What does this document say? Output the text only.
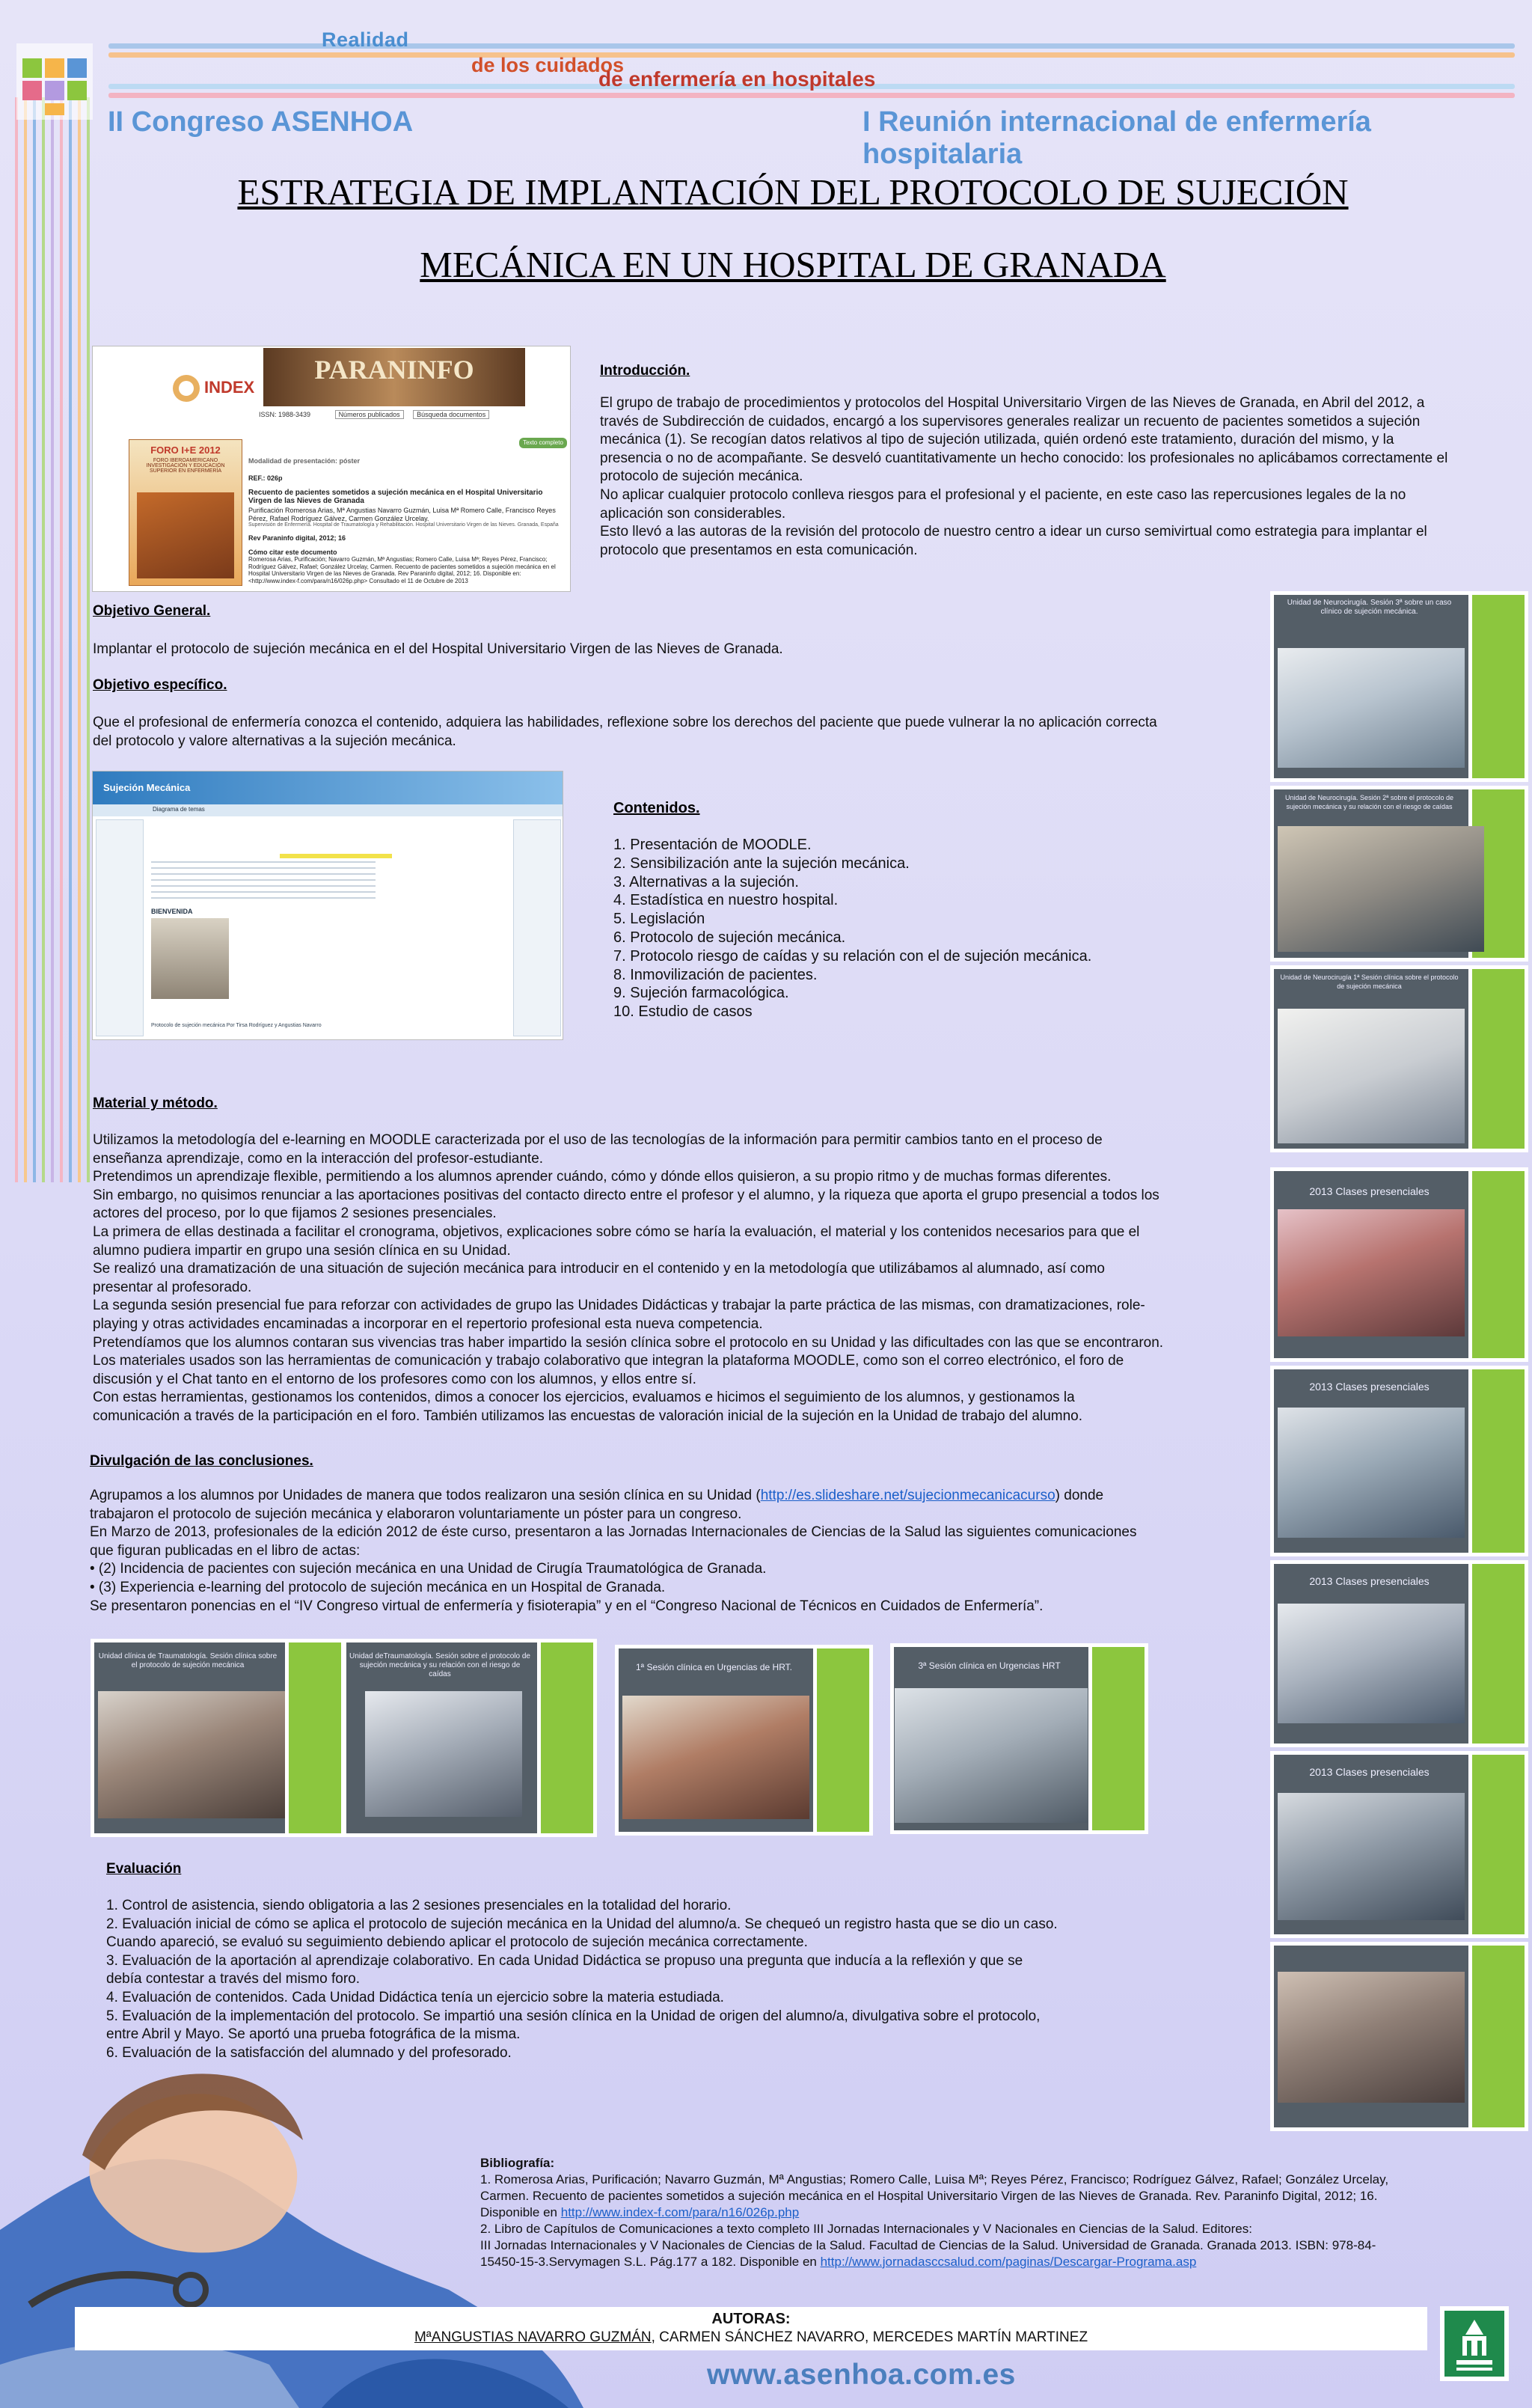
Realidad
de los cuidados
de enfermería en hospitales
II Congreso ASENHOA	I Reunión internacional de enfermería hospitalaria
ESTRATEGIA DE IMPLANTACIÓN DEL PROTOCOLO DE SUJECIÓN
MECÁNICA EN UN HOSPITAL DE GRANADA
PARANINFO
INDEX
ISSN: 1988-3439	Números publicados	Búsqueda documentos
Texto completo
FORO I+E 2012
FORO IBEROAMERICANO INVESTIGACIÓN Y EDUCACIÓN SUPERIOR EN ENFERMERÍA
Modalidad de presentación: póster
REF.: 026p
Recuento de pacientes sometidos a sujeción mecánica en el Hospital Universitario Virgen de las Nieves de Granada
Purificación Romerosa Arias, Mª Angustias Navarro Guzmán, Luisa Mª Romero Calle, Francisco Reyes Pérez, Rafael Rodríguez Gálvez, Carmen González Urcelay.
Supervisión de Enfermería. Hospital de Traumatología y Rehabilitación. Hospital Universitario Virgen de las Nieves. Granada, España
Rev Paraninfo digital, 2012; 16
Cómo citar este documento
Romerosa Arias, Purificación; Navarro Guzmán, Mª Angustias; Romero Calle, Luisa Mª; Reyes Pérez, Francisco; Rodríguez Gálvez, Rafael; González Urcelay, Carmen. Recuento de pacientes sometidos a sujeción mecánica en el Hospital Universitario Virgen de las Nieves de Granada. Rev Paraninfo digital, 2012; 16. Disponible en: <http://www.index-f.com/para/n16/026p.php> Consultado el 11 de Octubre de 2013
Introducción.

El grupo de trabajo de procedimientos y protocolos del Hospital Universitario Virgen de las Nieves de Granada, en Abril del 2012, a

través de Subdirección de cuidados, encargó a los supervisores generales realizar un recuento de pacientes sometidos a sujeción

mecánica (1). Se recogían datos relativos al tipo de sujeción utilizada, quién ordenó este tratamiento, duración del mismo, y la

presencia o no de acompañante. Se desveló cuantitativamente un hecho conocido: los profesionales no aplicábamos correctamente el

protocolo de sujeción mecánica.

No aplicar cualquier protocolo conlleva riesgos para el profesional y el paciente, en este caso las repercusiones legales de la no

aplicación son considerables.

Esto llevó a las autoras de la revisión del protocolo de nuestro centro a idear un curso semivirtual como estrategia para implantar el

protocolo que presentamos en esta comunicación.

Objetivo General.
Implantar el protocolo de sujeción mecánica en el del Hospital Universitario Virgen de las Nieves de Granada.
Objetivo específico.

Que el profesional de enfermería conozca el contenido, adquiera las habilidades, reflexione sobre los derechos del paciente que puede vulnerar la no aplicación correcta

del protocolo y valore alternativas a la sujeción mecánica.

Sujeción Mecánica
Diagrama de temas
BIENVENIDA
Protocolo de sujeción mecánica Por Tirsa Rodríguez y Angustias Navarro
Contenidos.
1. Presentación de MOODLE.
2. Sensibilización ante la sujeción mecánica.
3. Alternativas a la sujeción.
4. Estadística en nuestro hospital.
5. Legislación
6. Protocolo de sujeción mecánica.
7. Protocolo riesgo de caídas y su relación con el de sujeción mecánica.
8. Inmovilización de pacientes.
9. Sujeción farmacológica.
10. Estudio de casos
Material y método.

Utilizamos la metodología del e-learning en MOODLE caracterizada por el uso de las tecnologías de la información para permitir cambios tanto en el proceso de

enseñanza aprendizaje, como en la interacción del profesor-estudiante.

Pretendimos un aprendizaje flexible, permitiendo a los alumnos aprender cuándo, cómo y dónde ellos quisieron, a su propio ritmo y de muchas formas diferentes.

Sin embargo, no quisimos renunciar a las aportaciones positivas del contacto directo entre el profesor y el alumno, y la riqueza que aporta el grupo presencial a todos los

actores del proceso, por lo que fijamos 2 sesiones presenciales.

La primera de ellas destinada a facilitar el cronograma, objetivos, explicaciones sobre cómo se haría la evaluación, el material y los contenidos necesarios para que el

alumno pudiera impartir en grupo una sesión clínica en su Unidad.

Se realizó una dramatización de una situación de sujeción mecánica para introducir en el contenido y en la metodología que utilizábamos al alumnado, así como

presentar al profesorado.

La segunda sesión presencial fue para reforzar con actividades de grupo las Unidades Didácticas y trabajar la parte práctica de las mismas, con dramatizaciones, role-

playing y otras actividades encaminadas a incorporar en el repertorio profesional esta nueva competencia.

Pretendíamos que los alumnos contaran sus vivencias tras haber impartido la sesión clínica sobre el protocolo en su Unidad y las dificultades con las que se encontraron.

Los materiales usados son las herramientas de comunicación y trabajo colaborativo que integran la plataforma MOODLE, como son el correo electrónico, el foro de

discusión y el Chat tanto en el entorno de los profesores como con los alumnos, y ellos entre sí.

Con estas herramientas, gestionamos los contenidos, dimos a conocer los ejercicios, evaluamos e hicimos el seguimiento de los alumnos, y gestionamos la

comunicación a través de la participación en el foro. También utilizamos las encuestas de valoración inicial de la sujeción en la Unidad de trabajo del alumno.

Divulgación de las conclusiones.

Agrupamos a los alumnos por Unidades de manera que todos realizaron una sesión clínica en su Unidad (http://es.slideshare.net/sujecionmecanicacurso) donde

trabajaron el protocolo de sujeción mecánica y elaboraron voluntariamente un póster para un congreso.

En Marzo de 2013, profesionales de la edición 2012 de éste curso, presentaron a las Jornadas Internacionales de Ciencias de la Salud las siguientes comunicaciones

que figuran publicadas en el libro de actas:

• (2) Incidencia de pacientes con sujeción mecánica en una Unidad de Cirugía Traumatológica de Granada.

• (3) Experiencia e-learning del protocolo de sujeción mecánica en un Hospital de Granada.

Se presentaron ponencias en el “IV Congreso virtual de enfermería y fisioterapia” y en el “Congreso Nacional de Técnicos en Cuidados de Enfermería”.

Unidad de Neurocirugía. Sesión 3ª sobre un caso clínico de sujeción mecánica.
Unidad de Neurocirugía. Sesión 2ª sobre el protocolo de sujeción mecánica y su relación con el riesgo de caídas
Unidad de Neurocirugía 1ª Sesión clínica sobre el protocolo de sujeción mecánica
2013 Clases presenciales
2013 Clases presenciales
2013 Clases presenciales
2013 Clases presenciales
Unidad clínica de Traumatología. Sesión clínica sobre el protocolo de sujeción mecánica
Unidad deTraumatología. Sesión sobre el protocolo de sujeción mecánica y su relación con el riesgo de caídas
1ª Sesión clínica en Urgencias de HRT.	3ª Sesión clínica en Urgencias HRT
Evaluación

1. Control de asistencia, siendo obligatoria a las 2 sesiones presenciales en la totalidad del horario.

2. Evaluación inicial de cómo se aplica el protocolo de sujeción mecánica en la Unidad del alumno/a. Se chequeó un registro hasta que se dio un caso.

Cuando apareció, se evaluó su seguimiento debiendo aplicar el protocolo de sujeción mecánica correctamente.

3. Evaluación de la aportación al aprendizaje colaborativo. En cada Unidad Didáctica se propuso una pregunta que inducía a la reflexión y que se

debía contestar a través del mismo foro.

4. Evaluación de contenidos. Cada Unidad Didáctica tenía un ejercicio sobre la materia estudiada.

5. Evaluación de la implementación del protocolo. Se impartió una sesión clínica en la Unidad de origen del alumno/a, divulgativa sobre el protocolo,

entre Abril y Mayo. Se aportó una prueba fotográfica de la misma.

6. Evaluación de la satisfacción del alumnado y del profesorado.

Bibliografía:
1. Romerosa Arias, Purificación; Navarro Guzmán, Mª Angustias; Romero Calle, Luisa Mª; Reyes Pérez, Francisco; Rodríguez Gálvez, Rafael; González Urcelay,
Carmen. Recuento de pacientes sometidos a sujeción mecánica en el Hospital Universitario Virgen de las Nieves de Granada. Rev. Paraninfo Digital, 2012; 16.
Disponible en http://www.index-f.com/para/n16/026p.php
2. Libro de Capítulos de Comunicaciones a texto completo III Jornadas Internacionales y V Nacionales en Ciencias de la Salud. Editores:
III Jornadas Internacionales y V Nacionales de Ciencias de la Salud. Facultad de Ciencias de la Salud. Universidad de Granada. Granada 2013. ISBN: 978-84-
15450-15-3.Servymagen S.L. Pág.177 a 182. Disponible en http://www.jornadasccsalud.com/paginas/Descargar-Programa.asp
AUTORAS:
MªANGUSTIAS NAVARRO GUZMÁN, CARMEN SÁNCHEZ NAVARRO, MERCEDES MARTÍN MARTINEZ
www.asenhoa.com.es
